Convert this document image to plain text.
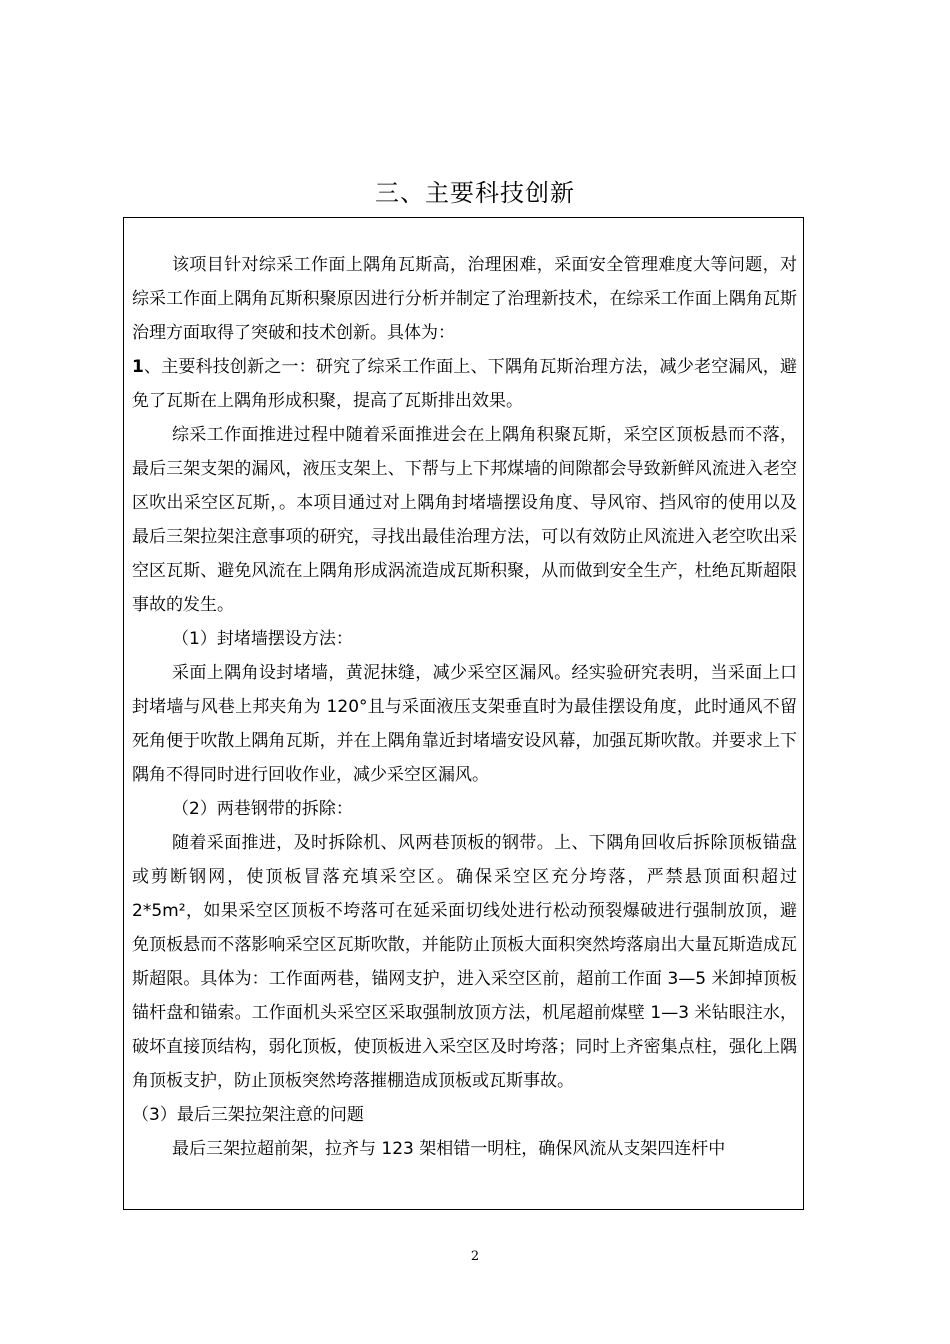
三、主要科技创新

该项目针对综采工作面上隅角瓦斯高，治理困难，采面安全管理难度大等问题，对综采工作面上隅角瓦斯积聚原因进行分析并制定了治理新技术，在综采工作面上隅角瓦斯治理方面取得了突破和技术创新。具体为：

1、主要科技创新之一：研究了综采工作面上、下隅角瓦斯治理方法，减少老空漏风，避免了瓦斯在上隅角形成积聚，提高了瓦斯排出效果。

综采工作面推进过程中随着采面推进会在上隅角积聚瓦斯，采空区顶板悬而不落，最后三架支架的漏风，液压支架上、下帮与上下邦煤墙的间隙都会导致新鲜风流进入老空区吹出采空区瓦斯，。本项目通过对上隅角封堵墙摆设角度、导风帘、挡风帘的使用以及最后三架拉架注意事项的研究，寻找出最佳治理方法，可以有效防止风流进入老空吹出采空区瓦斯、避免风流在上隅角形成涡流造成瓦斯积聚，从而做到安全生产，杜绝瓦斯超限事故的发生。

（1）封堵墙摆设方法：

采面上隅角设封堵墙，黄泥抹缝，减少采空区漏风。经实验研究表明，当采面上口封堵墙与风巷上邦夹角为 120°且与采面液压支架垂直时为最佳摆设角度，此时通风不留死角便于吹散上隅角瓦斯，并在上隅角靠近封堵墙安设风幕，加强瓦斯吹散。并要求上下隅角不得同时进行回收作业，减少采空区漏风。

（2）两巷钢带的拆除：

随着采面推进，及时拆除机、风两巷顶板的钢带。上、下隅角回收后拆除顶板锚盘或剪断钢网，使顶板冒落充填采空区。确保采空区充分垮落，严禁悬顶面积超过 2*5m²，如果采空区顶板不垮落可在延采面切线处进行松动预裂爆破进行强制放顶，避免顶板悬而不落影响采空区瓦斯吹散，并能防止顶板大面积突然垮落扇出大量瓦斯造成瓦斯超限。具体为：工作面两巷，锚网支护，进入采空区前，超前工作面 3—5 米卸掉顶板锚杆盘和锚索。工作面机头采空区采取强制放顶方法，机尾超前煤壁 1—3 米钻眼注水，破坏直接顶结构，弱化顶板，使顶板进入采空区及时垮落；同时上齐密集点柱，强化上隅角顶板支护，防止顶板突然垮落摧棚造成顶板或瓦斯事故。

（3）最后三架拉架注意的问题

最后三架拉超前架，拉齐与 123 架相错一明柱，确保风流从支架四连杆中

2
